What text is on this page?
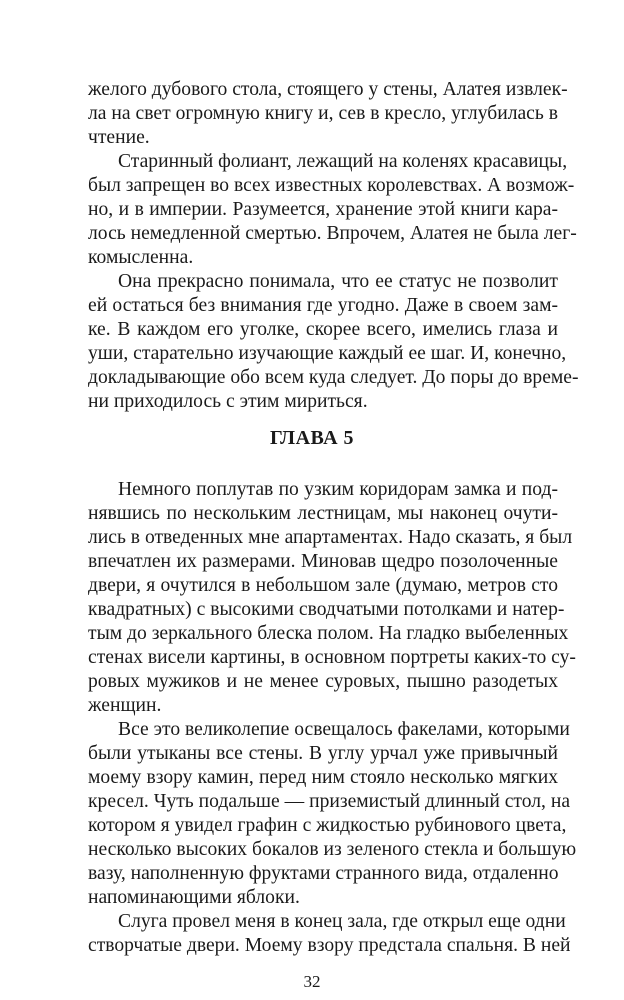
желого дубового стола, стоящего у стены, Алатея извлек-
ла на свет огромную книгу и, сев в кресло, углубилась в
чтение.
Старинный фолиант, лежащий на коленях красавицы,
был запрещен во всех известных королевствах. А возмож-
но, и в империи. Разумеется, хранение этой книги кара-
лось немедленной смертью. Впрочем, Алатея не была лег-
комысленна.
Она прекрасно понимала, что ее статус не позволит
ей остаться без внимания где угодно. Даже в своем зам-
ке. В каждом его уголке, скорее всего, имелись глаза и
уши, старательно изучающие каждый ее шаг. И, конечно,
докладывающие обо всем куда следует. До поры до време-
ни приходилось с этим мириться.
ГЛАВА 5
Немного поплутав по узким коридорам замка и под-
нявшись по нескольким лестницам, мы наконец очути-
лись в отведенных мне апартаментах. Надо сказать, я был
впечатлен их размерами. Миновав щедро позолоченные
двери, я очутился в небольшом зале (думаю, метров сто
квадратных) с высокими сводчатыми потолками и натер-
тым до зеркального блеска полом. На гладко выбеленных
стенах висели картины, в основном портреты каких-то су-
ровых мужиков и не менее суровых, пышно разодетых
женщин.
Все это великолепие освещалось факелами, которыми
были утыканы все стены. В углу урчал уже привычный
моему взору камин, перед ним стояло несколько мягких
кресел. Чуть подальше — приземистый длинный стол, на
котором я увидел графин с жидкостью рубинового цвета,
несколько высоких бокалов из зеленого стекла и большую
вазу, наполненную фруктами странного вида, отдаленно
напоминающими яблоки.
Слуга провел меня в конец зала, где открыл еще одни
створчатые двери. Моему взору предстала спальня. В ней
32
